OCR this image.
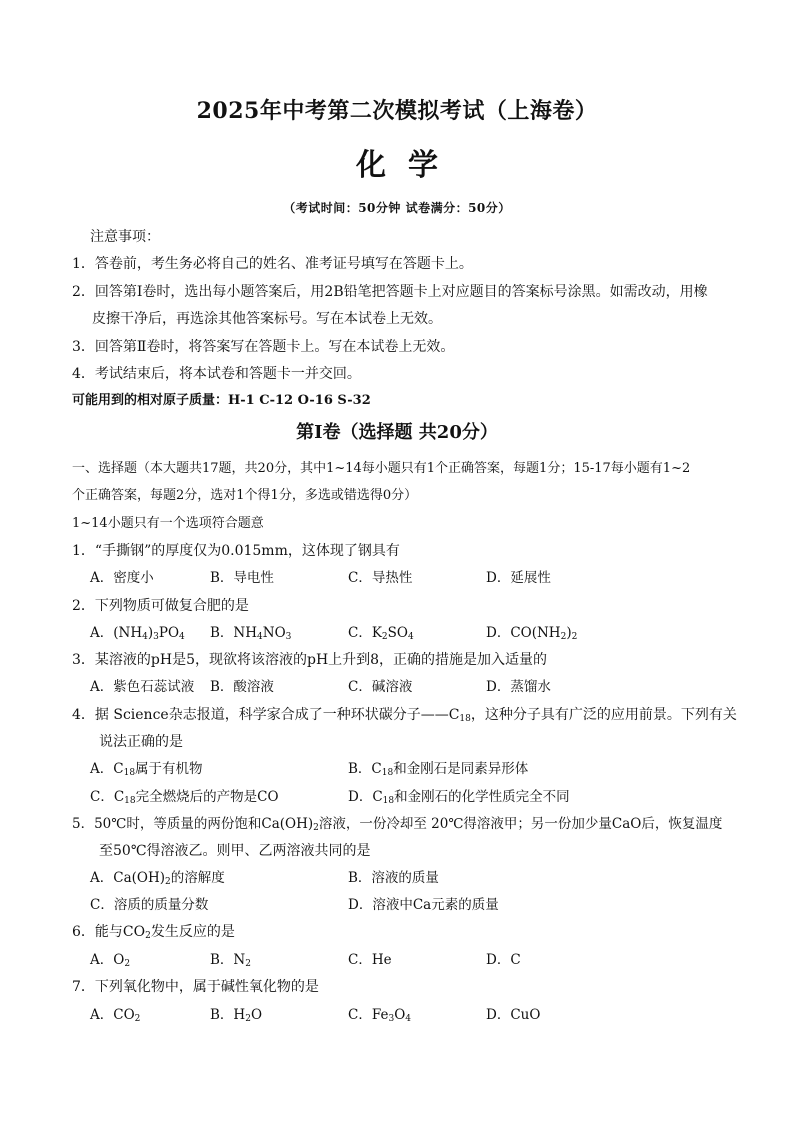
2025年中考第二次模拟考试（上海卷）
化学
（考试时间：50分钟 试卷满分：50分）
注意事项：
1．答卷前，考生务必将自己的姓名、准考证号填写在答题卡上。
2．回答第Ⅰ卷时，选出每小题答案后，用2B铅笔把答题卡上对应题目的答案标号涂黑。如需改动，用橡
皮擦干净后，再选涂其他答案标号。写在本试卷上无效。
3．回答第Ⅱ卷时，将答案写在答题卡上。写在本试卷上无效。
4．考试结束后，将本试卷和答题卡一并交回。
可能用到的相对原子质量：H-1 C-12 O-16 S-32
第Ⅰ卷（选择题 共20分）
一、选择题（本大题共17题，共20分，其中1~14每小题只有1个正确答案，每题1分；15-17每小题有1~2
个正确答案，每题2分，选对1个得1分，多选或错选得0分）
1~14小题只有一个选项符合题意
1．“手撕钢”的厚度仅为0.015mm，这体现了钢具有
A．密度小	B．导电性	C．导热性	D．延展性
2．下列物质可做复合肥的是
A．$(NH_4)_3PO_4$ B．$NH_4NO_3$	C．$K_2SO_4$	D．$CO(NH_2)_2$
3．某溶液的pH是5，现欲将该溶液的pH上升到8，正确的措施是加入适量的
A．紫色石蕊试液 B．酸溶液	C．碱溶液	D．蒸馏水
4．据 Science杂志报道，科学家合成了一种环状碳分子$——C_{18}$，这种分子具有广泛的应用前景。下列有关
说法正确的是
A．$C_{18}$属于有机物	B．$C_{18}$和金刚石是同素异形体
C．$C_{18}$完全燃烧后的产物是CO	D．$C_{18}$和金刚石的化学性质完全不同
5．50℃时，等质量的两份饱和$Ca(OH)_2$溶液，一份冷却至 20℃得溶液甲；另一份加少量CaO后，恢复温度
至50℃得溶液乙。则甲、乙两溶液共同的是
A．$Ca(OH)_2$的溶解度	B．溶液的质量
C．溶质的质量分数	D．溶液中Ca元素的质量
6．能与$CO_2$发生反应的是
A．$O_2$	B．$N_2$	C．He	D．C
7．下列氧化物中，属于碱性氧化物的是
A．$CO_2$	B．$H_2O$	C．$Fe_3O_4$	D．CuO
